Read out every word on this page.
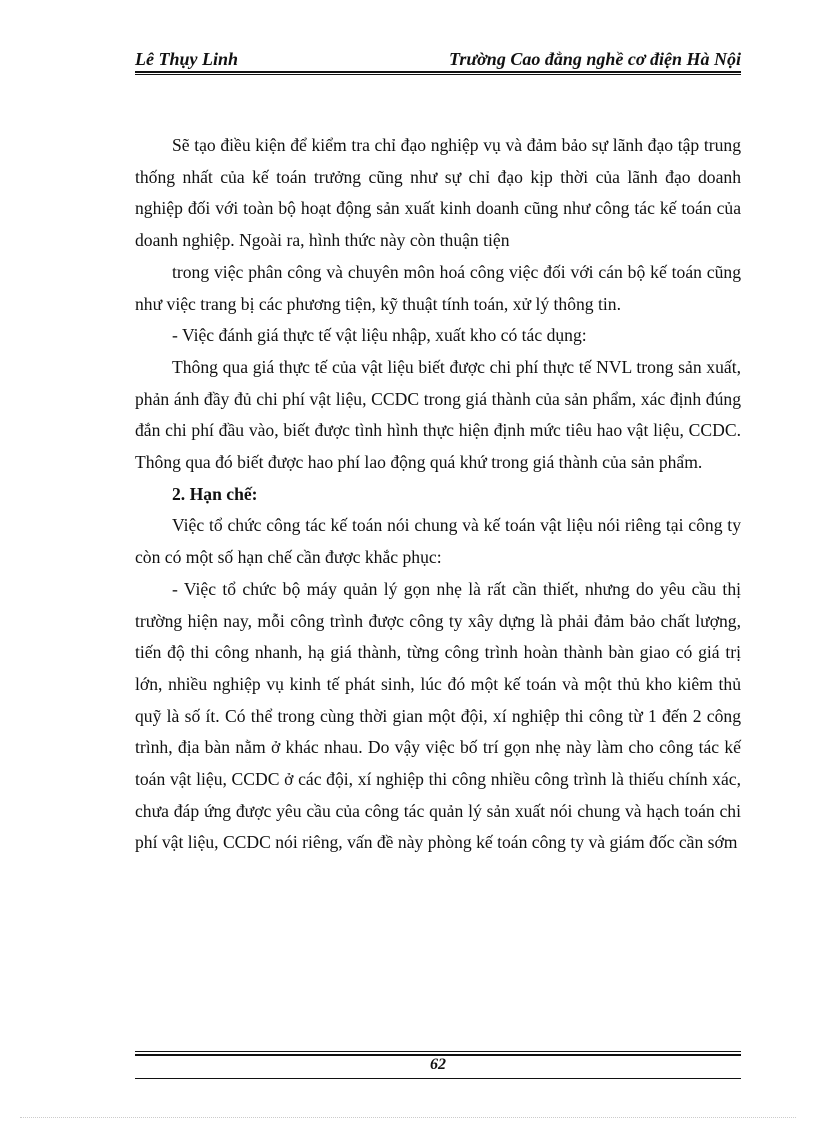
Lê Thụy Linh	Trường Cao đẳng nghề cơ điện Hà Nội

Sẽ tạo điều kiện để kiểm tra chỉ đạo nghiệp vụ và đảm bảo sự lãnh đạo tập trung thống nhất của kế toán trưởng cũng như sự chỉ đạo kịp thời của lãnh đạo doanh nghiệp đối với toàn bộ hoạt động sản xuất kinh doanh cũng như công tác kế toán của doanh nghiệp. Ngoài ra, hình thức này còn thuận tiện

trong việc phân công và chuyên môn hoá công việc đối với cán bộ kế toán cũng như việc trang bị các phương tiện, kỹ thuật tính toán, xử lý thông tin.

- Việc đánh giá thực tế vật liệu nhập, xuất kho có tác dụng:

Thông qua giá thực tế của vật liệu biết được chi phí thực tế NVL trong sản xuất, phản ánh đầy đủ chi phí vật liệu, CCDC trong giá thành của sản phẩm, xác định đúng đắn chi phí đầu vào, biết được tình hình thực hiện định mức tiêu hao vật liệu, CCDC. Thông qua đó biết được hao phí lao động quá khứ trong giá thành của sản phẩm.

2. Hạn chế:

Việc tổ chức công tác kế toán nói chung và kế toán vật liệu nói riêng tại công ty còn có một số hạn chế cần được khắc phục:

- Việc tổ chức bộ máy quản lý gọn nhẹ là rất cần thiết, nhưng do yêu cầu thị trường hiện nay, mỗi công trình được công ty xây dựng là phải đảm bảo chất lượng, tiến độ thi công nhanh, hạ giá thành, từng công trình hoàn thành bàn giao có giá trị lớn, nhiều nghiệp vụ kinh tế phát sinh, lúc đó một kế toán và một thủ kho kiêm thủ quỹ là số ít. Có thể trong cùng thời gian một đội, xí nghiệp thi công từ 1 đến 2 công trình, địa bàn nằm ở khác nhau. Do vậy việc bố trí gọn nhẹ này làm cho công tác kế toán vật liệu, CCDC ở các đội, xí nghiệp thi công nhiều công trình là thiếu chính xác, chưa đáp ứng được yêu cầu của công tác quản lý sản xuất nói chung và hạch toán chi phí vật liệu, CCDC nói riêng, vấn đề này phòng kế toán công ty và giám đốc cần sớm

62
